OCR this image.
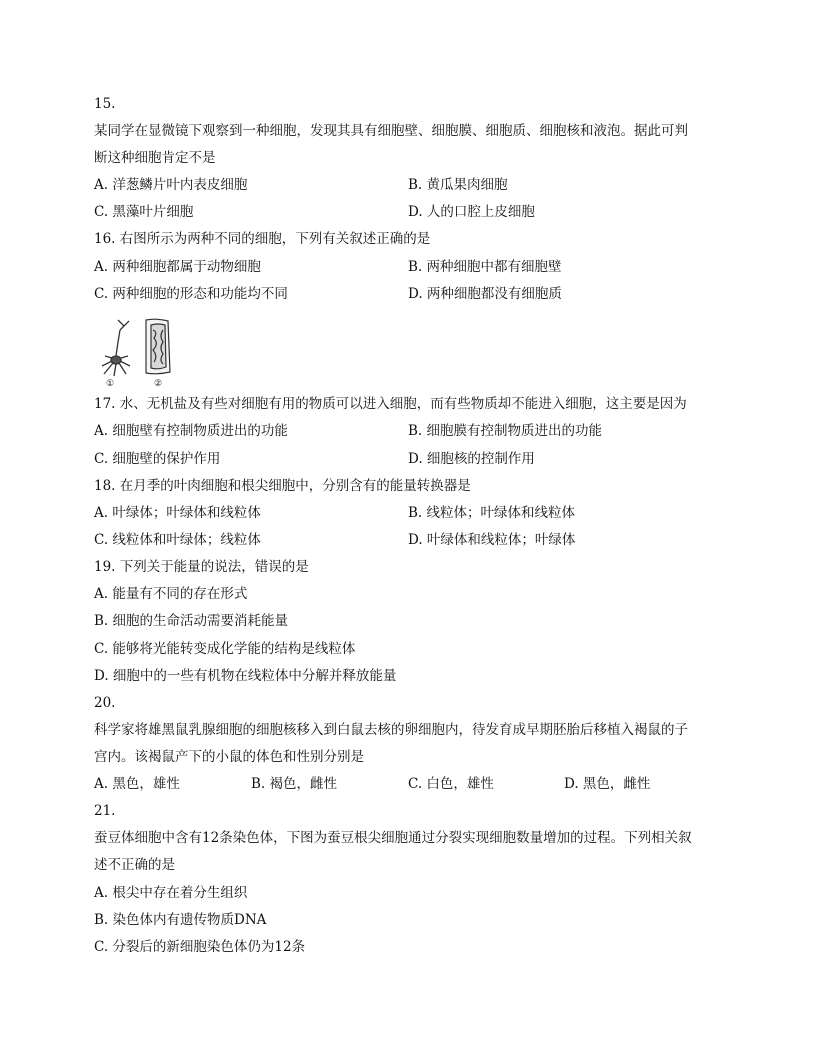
15.
某同学在显微镜下观察到一种细胞，发现其具有细胞壁、细胞膜、细胞质、细胞核和液泡。据此可判
断这种细胞肯定不是
A. 洋葱鳞片叶内表皮细胞	B. 黄瓜果肉细胞
C. 黑藻叶片细胞	D. 人的口腔上皮细胞
16. 右图所示为两种不同的细胞，下列有关叙述正确的是
A. 两种细胞都属于动物细胞	B. 两种细胞中都有细胞壁
C. 两种细胞的形态和功能均不同	D. 两种细胞都没有细胞质
①	②
17. 水、无机盐及有些对细胞有用的物质可以进入细胞，而有些物质却不能进入细胞，这主要是因为
A. 细胞壁有控制物质进出的功能	B. 细胞膜有控制物质进出的功能
C. 细胞壁的保护作用	D. 细胞核的控制作用
18. 在月季的叶肉细胞和根尖细胞中，分别含有的能量转换器是
A. 叶绿体；叶绿体和线粒体	B. 线粒体；叶绿体和线粒体
C. 线粒体和叶绿体；线粒体	D. 叶绿体和线粒体；叶绿体
19. 下列关于能量的说法，错误的是
A. 能量有不同的存在形式
B. 细胞的生命活动需要消耗能量
C. 能够将光能转变成化学能的结构是线粒体
D. 细胞中的一些有机物在线粒体中分解并释放能量
20.
科学家将雄黑鼠乳腺细胞的细胞核移入到白鼠去核的卵细胞内，待发育成早期胚胎后移植入褐鼠的子
宫内。该褐鼠产下的小鼠的体色和性别分别是
A. 黑色，雄性	B. 褐色，雌性	C. 白色，雄性	D. 黑色，雌性
21.
蚕豆体细胞中含有12条染色体，下图为蚕豆根尖细胞通过分裂实现细胞数量增加的过程。下列相关叙
述不正确的是
A. 根尖中存在着分生组织
B. 染色体内有遗传物质DNA
C. 分裂后的新细胞染色体仍为12条
